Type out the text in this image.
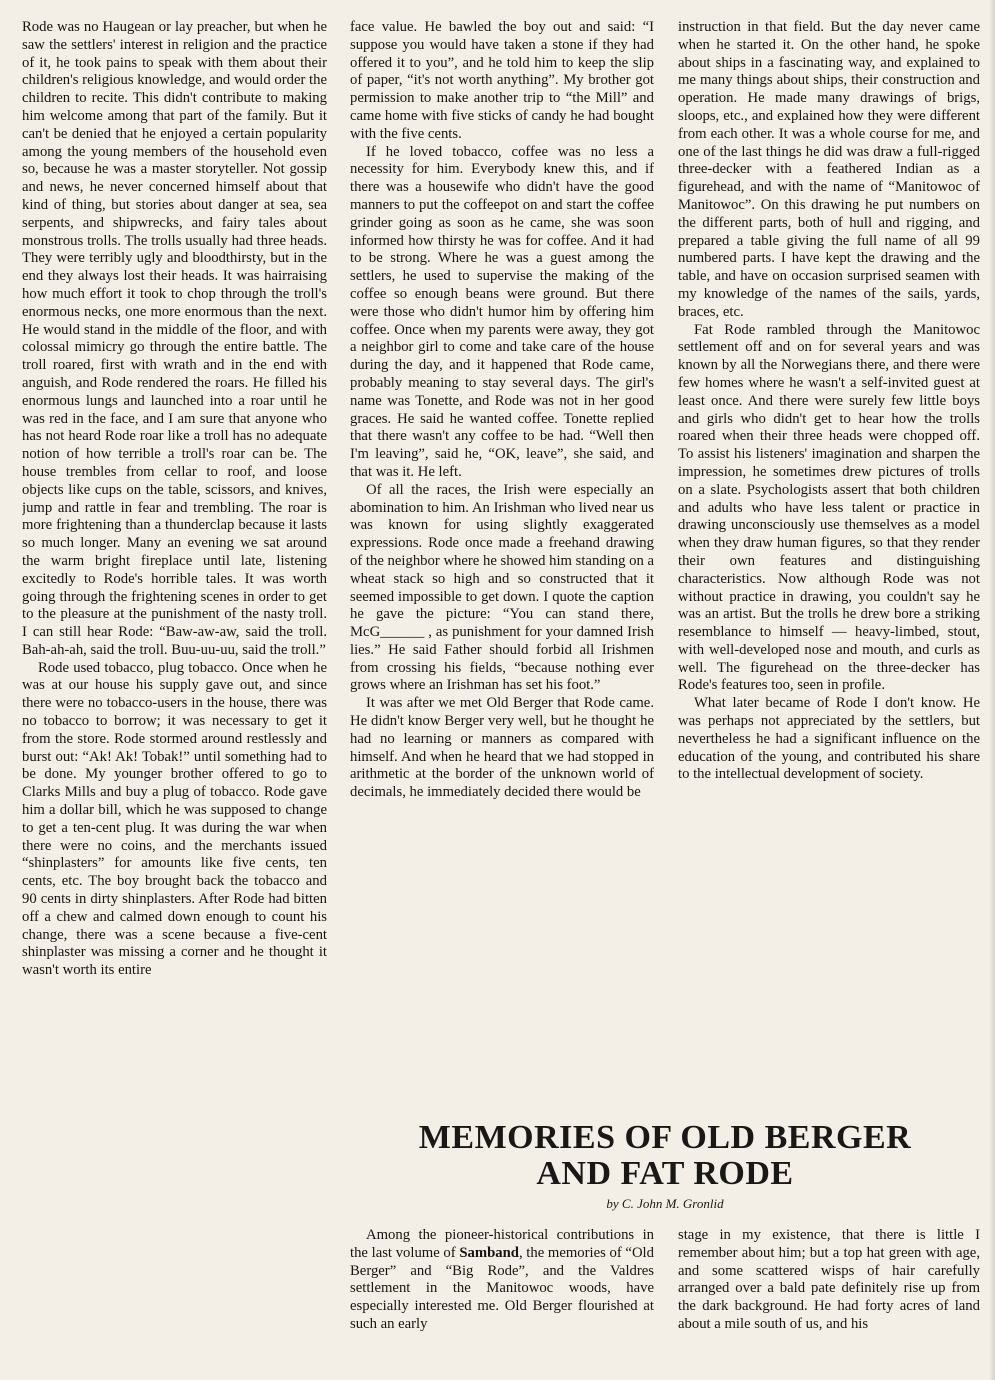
Rode was no Haugean or lay preacher, but when he saw the settlers' interest in religion and the practice of it, he took pains to speak with them about their children's religious knowledge, and would order the children to recite. This didn't contribute to making him welcome among that part of the family. But it can't be denied that he enjoyed a certain popularity among the young members of the household even so, because he was a master storyteller. Not gossip and news, he never concerned himself about that kind of thing, but stories about danger at sea, sea serpents, and shipwrecks, and fairy tales about monstrous trolls. The trolls usually had three heads. They were terribly ugly and bloodthirsty, but in the end they always lost their heads. It was hairraising how much effort it took to chop through the troll's enormous necks, one more enormous than the next. He would stand in the middle of the floor, and with colossal mimicry go through the entire battle. The troll roared, first with wrath and in the end with anguish, and Rode rendered the roars. He filled his enormous lungs and launched into a roar until he was red in the face, and I am sure that anyone who has not heard Rode roar like a troll has no adequate notion of how terrible a troll's roar can be. The house trembles from cellar to roof, and loose objects like cups on the table, scissors, and knives, jump and rattle in fear and trembling. The roar is more frightening than a thunderclap because it lasts so much longer. Many an evening we sat around the warm bright fireplace until late, listening excitedly to Rode's horrible tales. It was worth going through the frightening scenes in order to get to the pleasure at the punishment of the nasty troll. I can still hear Rode: “Baw-aw-aw, said the troll. Bah-ah-ah, said the troll. Buu-uu-uu, said the troll.”

Rode used tobacco, plug tobacco. Once when he was at our house his supply gave out, and since there were no tobacco-users in the house, there was no tobacco to borrow; it was necessary to get it from the store. Rode stormed around restlessly and burst out: “Ak! Ak! Tobak!” until something had to be done. My younger brother offered to go to Clarks Mills and buy a plug of tobacco. Rode gave him a dollar bill, which he was supposed to change to get a ten-cent plug. It was during the war when there were no coins, and the merchants issued “shinplasters” for amounts like five cents, ten cents, etc. The boy brought back the tobacco and 90 cents in dirty shinplasters. After Rode had bitten off a chew and calmed down enough to count his change, there was a scene because a five-cent shinplaster was missing a corner and he thought it wasn't worth its entire

face value. He bawled the boy out and said: “I suppose you would have taken a stone if they had offered it to you”, and he told him to keep the slip of paper, “it's not worth anything”. My brother got permission to make another trip to “the Mill” and came home with five sticks of candy he had bought with the five cents.

If he loved tobacco, coffee was no less a necessity for him. Everybody knew this, and if there was a housewife who didn't have the good manners to put the coffeepot on and start the coffee grinder going as soon as he came, she was soon informed how thirsty he was for coffee. And it had to be strong. Where he was a guest among the settlers, he used to supervise the making of the coffee so enough beans were ground. But there were those who didn't humor him by offering him coffee. Once when my parents were away, they got a neighbor girl to come and take care of the house during the day, and it happened that Rode came, probably meaning to stay several days. The girl's name was Tonette, and Rode was not in her good graces. He said he wanted coffee. Tonette replied that there wasn't any coffee to be had. “Well then I'm leaving”, said he, “OK, leave”, she said, and that was it. He left.

Of all the races, the Irish were especially an abomination to him. An Irishman who lived near us was known for using slightly exaggerated expressions. Rode once made a freehand drawing of the neighbor where he showed him standing on a wheat stack so high and so constructed that it seemed impossible to get down. I quote the caption he gave the picture: “You can stand there, McG______ , as punishment for your damned Irish lies.” He said Father should forbid all Irishmen from crossing his fields, “because nothing ever grows where an Irishman has set his foot.”

It was after we met Old Berger that Rode came. He didn't know Berger very well, but he thought he had no learning or manners as compared with himself. And when he heard that we had stopped in arithmetic at the border of the unknown world of decimals, he immediately decided there would be

instruction in that field. But the day never came when he started it. On the other hand, he spoke about ships in a fascinating way, and explained to me many things about ships, their construction and operation. He made many drawings of brigs, sloops, etc., and explained how they were different from each other. It was a whole course for me, and one of the last things he did was draw a full-rigged three-decker with a feathered Indian as a figurehead, and with the name of “Manitowoc of Manitowoc”. On this drawing he put numbers on the different parts, both of hull and rigging, and prepared a table giving the full name of all 99 numbered parts. I have kept the drawing and the table, and have on occasion surprised seamen with my knowledge of the names of the sails, yards, braces, etc.

Fat Rode rambled through the Manitowoc settlement off and on for several years and was known by all the Norwegians there, and there were few homes where he wasn't a self-invited guest at least once. And there were surely few little boys and girls who didn't get to hear how the trolls roared when their three heads were chopped off. To assist his listeners' imagination and sharpen the impression, he sometimes drew pictures of trolls on a slate. Psychologists assert that both children and adults who have less talent or practice in drawing unconsciously use themselves as a model when they draw human figures, so that they render their own features and distinguishing characteristics. Now although Rode was not without practice in drawing, you couldn't say he was an artist. But the trolls he drew bore a striking resemblance to himself — heavy-limbed, stout, with well-developed nose and mouth, and curls as well. The figurehead on the three-decker has Rode's features too, seen in profile.

What later became of Rode I don't know. He was perhaps not appreciated by the settlers, but nevertheless he had a significant influence on the education of the young, and contributed his share to the intellectual development of society.

MEMORIES OF OLD BERGER
AND FAT RODE
by C. John M. Gronlid

Among the pioneer-historical contributions in the last volume of Samband, the memories of “Old Berger” and “Big Rode”, and the Valdres settlement in the Manitowoc woods, have especially interested me. Old Berger flourished at such an early

stage in my existence, that there is little I remember about him; but a top hat green with age, and some scattered wisps of hair carefully arranged over a bald pate definitely rise up from the dark background. He had forty acres of land about a mile south of us, and his
